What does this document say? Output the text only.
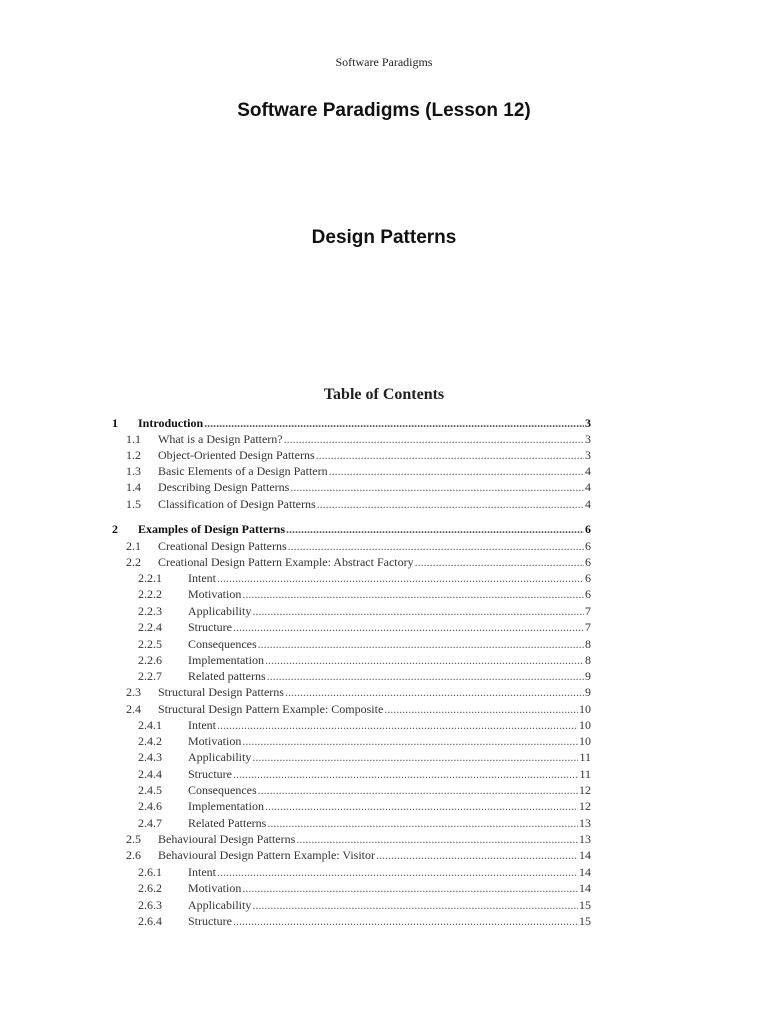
Software Paradigms
Software Paradigms (Lesson 12)
Design Patterns
Table of Contents
1	Introduction .....	3
1.1	What is a Design Pattern? .....	3
1.2	Object-Oriented Design Patterns .....	3
1.3	Basic Elements of a Design Pattern .....	4
1.4	Describing Design Patterns .....	4
1.5	Classification of Design Patterns .....	4
2	Examples of Design Patterns .....	6
2.1	Creational Design Patterns .....	6
2.2	Creational Design Pattern Example: Abstract Factory .....	6
2.2.1	Intent .....	6
2.2.2	Motivation .....	6
2.2.3	Applicability .....	7
2.2.4	Structure .....	7
2.2.5	Consequences .....	8
2.2.6	Implementation .....	8
2.2.7	Related patterns .....	9
2.3	Structural Design Patterns .....	9
2.4	Structural Design Pattern Example: Composite .....	10
2.4.1	Intent .....	10
2.4.2	Motivation .....	10
2.4.3	Applicability .....	11
2.4.4	Structure .....	11
2.4.5	Consequences .....	12
2.4.6	Implementation .....	12
2.4.7	Related Patterns .....	13
2.5	Behavioural Design Patterns .....	13
2.6	Behavioural Design Pattern Example: Visitor .....	14
2.6.1	Intent .....	14
2.6.2	Motivation .....	14
2.6.3	Applicability .....	15
2.6.4	Structure .....	15
